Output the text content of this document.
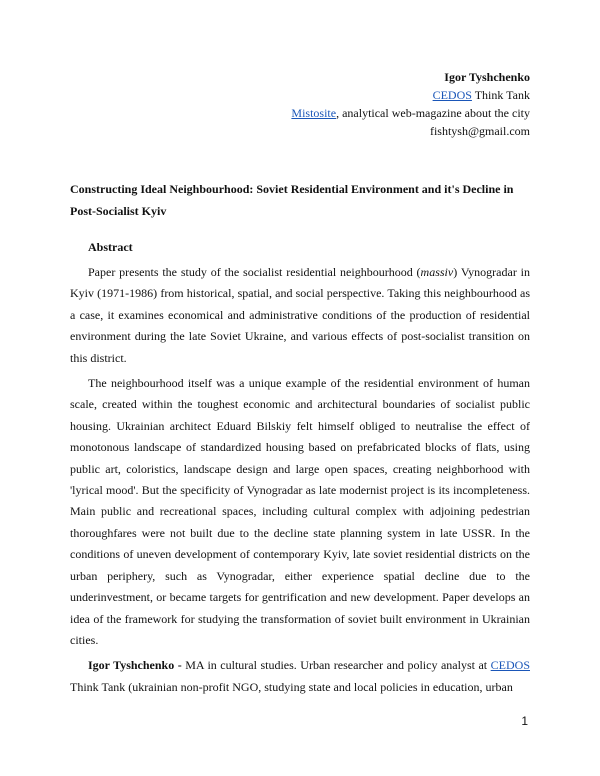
Igor Tyshchenko
CEDOS Think Tank
Mistosite, analytical web-magazine about the city
fishtysh@gmail.com
Constructing Ideal Neighbourhood: Soviet Residential Environment and it's Decline in Post-Socialist Kyiv
Abstract

Paper presents the study of the socialist residential neighbourhood (massiv) Vynogradar in Kyiv (1971-1986) from historical, spatial, and social perspective. Taking this neighbourhood as a case, it examines economical and administrative conditions of the production of residential environment during the late Soviet Ukraine, and various effects of post-socialist transition on this district.

The neighbourhood itself was a unique example of the residential environment of human scale, created within the toughest economic and architectural boundaries of socialist public housing. Ukrainian architect Eduard Bilskiy felt himself obliged to neutralise the effect of monotonous landscape of standardized housing based on prefabricated blocks of flats, using public art, coloristics, landscape design and large open spaces, creating neighborhood with 'lyrical mood'. But the specificity of Vynogradar as late modernist project is its incompleteness. Main public and recreational spaces, including cultural complex with adjoining pedestrian thoroughfares were not built due to the decline state planning system in late USSR. In the conditions of uneven development of contemporary Kyiv, late soviet residential districts on the urban periphery, such as Vynogradar, either experience spatial decline due to the underinvestment, or became targets for gentrification and new development. Paper develops an idea of the framework for studying the transformation of soviet built environment in Ukrainian cities.

Igor Tyshchenko - MA in cultural studies. Urban researcher and policy analyst at CEDOS Think Tank (ukrainian non-profit NGO, studying state and local policies in education, urban

1
